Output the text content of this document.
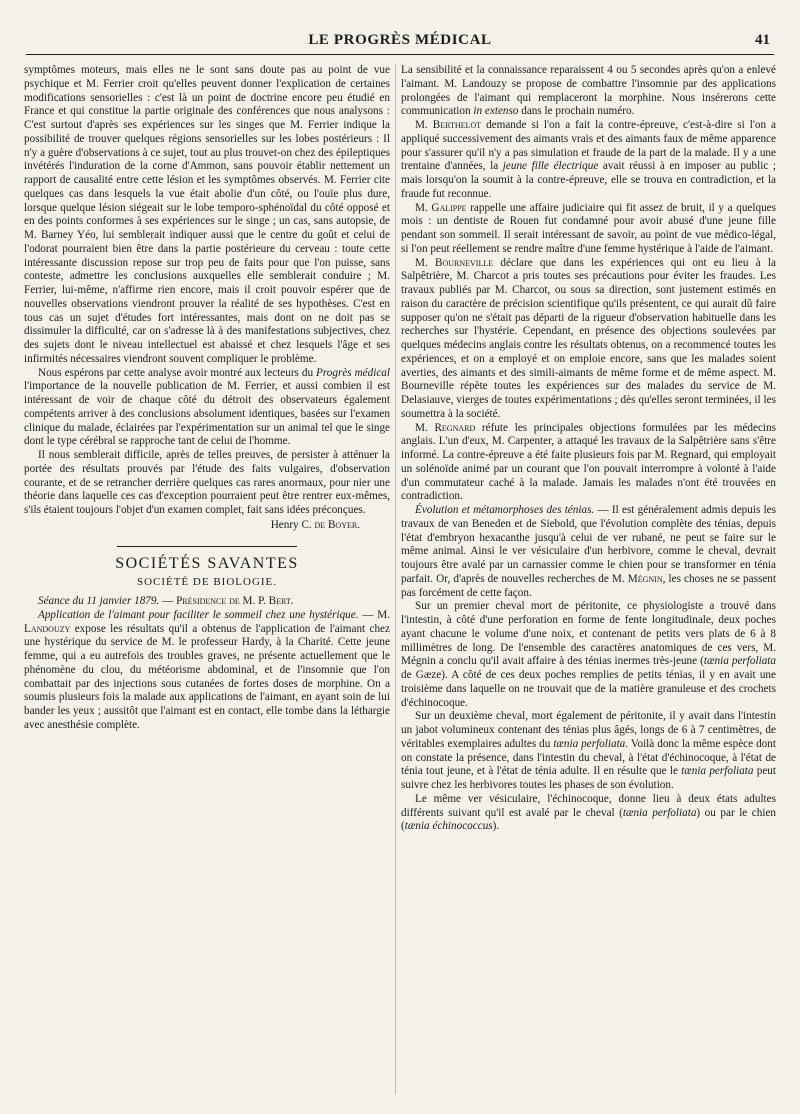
LE PROGRÈS MÉDICAL	41

symptômes moteurs, mais elles ne le sont sans doute pas au point de vue psychique et M. Ferrier croit qu'elles peuvent donner l'explication de certaines modifications sensorielles : c'est là un point de doctrine encore peu étudié en France et qui constitue la partie originale des conférences que nous analysons : C'est surtout d'après ses expériences sur les singes que M. Ferrier indique la possibilité de trouver quelques régions sensorielles sur les lobes postérieurs : Il n'y a guère d'observations à ce sujet, tout au plus trouvet-on chez des épileptiques invétérés l'induration de la corne d'Ammon, sans pouvoir établir nettement un rapport de causalité entre cette lésion et les symptômes observés. M. Ferrier cite quelques cas dans lesquels la vue était abolie d'un côté, ou l'ouïe plus dure, lorsque quelque lésion siégeait sur le lobe temporo-sphénoïdal du côté opposé et en des points conformes à ses expériences sur le singe ; un cas, sans autopsie, de M. Barney Yéo, lui semblerait indiquer aussi que le centre du goût et celui de l'odorat pourraient bien être dans la partie postérieure du cerveau : toute cette intéressante discussion repose sur trop peu de faits pour que l'on puisse, sans conteste, admettre les conclusions auxquelles elle semblerait conduire ; M. Ferrier, lui-même, n'affirme rien encore, mais il croit pouvoir espérer que de nouvelles observations viendront prouver la réalité de ses hypothèses. C'est en tous cas un sujet d'études fort intéressantes, mais dont on ne doit pas se dissimuler la difficulté, car on s'adresse là à des manifestations subjectives, chez des sujets dont le niveau intellectuel est abaissé et chez lesquels l'âge et ses infirmités nécessaires viendront souvent compliquer le problème.

Nous espérons par cette analyse avoir montré aux lecteurs du Progrès médical l'importance de la nouvelle publication de M. Ferrier, et aussi combien il est intéressant de voir de chaque côté du détroit des observateurs également compétents arriver à des conclusions absolument identiques, basées sur l'examen clinique du malade, éclairées par l'expérimentation sur un animal tel que le singe dont le type cérébral se rapproche tant de celui de l'homme.

Il nous semblerait difficile, après de telles preuves, de persister à atténuer la portée des résultats prouvés par l'étude des faits vulgaires, d'observation courante, et de se retrancher derrière quelques cas rares anormaux, pour nier une théorie dans laquelle ces cas d'exception pourraient peut être rentrer eux-mêmes, s'ils étaient toujours l'objet d'un examen complet, fait sans idées préconçues.

Henry C. de Boyer.

SOCIÉTÉS SAVANTES

SOCIÉTÉ DE BIOLOGIE.

Séance du 11 janvier 1879. — Présidence de M. P. Bert.

Application de l'aimant pour faciliter le sommeil chez une hystérique. — M. Landouzy expose les résultats qu'il a obtenus de l'application de l'aimant chez une hystérique du service de M. le professeur Hardy, à la Charité. Cette jeune femme, qui a eu autrefois des troubles graves, ne présente actuellement que le phénomène du clou, du météorisme abdominal, et de l'insomnie que l'on combattait par des injections sous cutanées de fortes doses de morphine. On a soumis plusieurs fois la malade aux applications de l'aimant, en ayant soin de lui bander les yeux ; aussitôt que l'aimant est en contact, elle tombe dans la léthargie avec anesthésie complète.

La sensibilité et la connaissance reparaissent 4 ou 5 secondes après qu'on a enlevé l'aimant. M. Landouzy se propose de combattre l'insomnie par des applications prolongées de l'aimant qui remplaceront la morphine. Nous insérerons cette communication in extenso dans le prochain numéro.

M. Berthelot demande si l'on a fait la contre-épreuve, c'est-à-dire si l'on a appliqué successivement des aimants vrais et des aimants faux de même apparence pour s'assurer qu'il n'y a pas simulation et fraude de la part de la malade. Il y a une trentaine d'années, la jeune fille électrique avait réussi à en imposer au public ; mais lorsqu'on la soumit à la contre-épreuve, elle se trouva en contradiction, et la fraude fut reconnue.

M. Galippe rappelle une affaire judiciaire qui fit assez de bruit, il y a quelques mois : un dentiste de Rouen fut condamné pour avoir abusé d'une jeune fille pendant son sommeil. Il serait intéressant de savoir, au point de vue médico-légal, si l'on peut réellement se rendre maître d'une femme hystérique à l'aide de l'aimant.

M. Bourneville déclare que dans les expériences qui ont eu lieu à la Salpêtrière, M. Charcot a pris toutes ses précautions pour éviter les fraudes. Les travaux publiés par M. Charcot, ou sous sa direction, sont justement estimés en raison du caractère de précision scientifique qu'ils présentent, ce qui aurait dû faire supposer qu'on ne s'était pas départi de la rigueur d'observation habituelle dans les recherches sur l'hystérie. Cependant, en présence des objections soulevées par quelques médecins anglais contre les résultats obtenus, on a recommencé toutes les expériences, et on a employé et on emploie encore, sans que les malades soient averties, des aimants et des simili-aimants de même forme et de même aspect. M. Bourneville répète toutes les expériences sur des malades du service de M. Delasiauve, vierges de toutes expérimentations ; dès qu'elles seront terminées, il les soumettra à la société.

M. Regnard réfute les principales objections formulées par les médecins anglais. L'un d'eux, M. Carpenter, a attaqué les travaux de la Salpêtrière sans s'être informé. La contre-épreuve a été faite plusieurs fois par M. Regnard, qui employait un solénoïde animé par un courant que l'on pouvait interrompre à volonté à l'aide d'un commutateur caché à la malade. Jamais les malades n'ont été trouvées en contradiction.

Évolution et métamorphoses des ténias. — Il est généralement admis depuis les travaux de van Beneden et de Siebold, que l'évolution complète des ténias, depuis l'état d'embryon hexacanthe jusqu'à celui de ver rubané, ne peut se faire sur le même animal. Ainsi le ver vésiculaire d'un herbivore, comme le cheval, devrait toujours être avalé par un carnassier comme le chien pour se transformer en ténia parfait. Or, d'après de nouvelles recherches de M. Mégnin, les choses ne se passent pas forcément de cette façon.

Sur un premier cheval mort de péritonite, ce physiologiste a trouvé dans l'intestin, à côté d'une perforation en forme de fente longitudinale, deux poches ayant chacune le volume d'une noix, et contenant de petits vers plats de 6 à 8 millimètres de long. De l'ensemble des caractères anatomiques de ces vers, M. Mégnin a conclu qu'il avait affaire à des ténias inermes très-jeune (tænia perfoliata de Gæze). A côté de ces deux poches remplies de petits ténias, il y en avait une troisième dans laquelle on ne trouvait que de la matière granuleuse et des crochets d'échinocoque.

Sur un deuxième cheval, mort également de péritonite, il y avait dans l'intestin un jabot volumineux contenant des ténias plus âgés, longs de 6 à 7 centimètres, de véritables exemplaires adultes du tænia perfoliata. Voilà donc la même espèce dont on constate la présence, dans l'intestin du cheval, à l'état d'échinocoque, à l'état de ténia tout jeune, et à l'état de ténia adulte. Il en résulte que le tænia perfoliata peut suivre chez les herbivores toutes les phases de son évolution.

Le même ver vésiculaire, l'échinocoque, donne lieu à deux états adultes différents suivant qu'il est avalé par le cheval (tænia perfoliata) ou par le chien (tænia échinococcus).
